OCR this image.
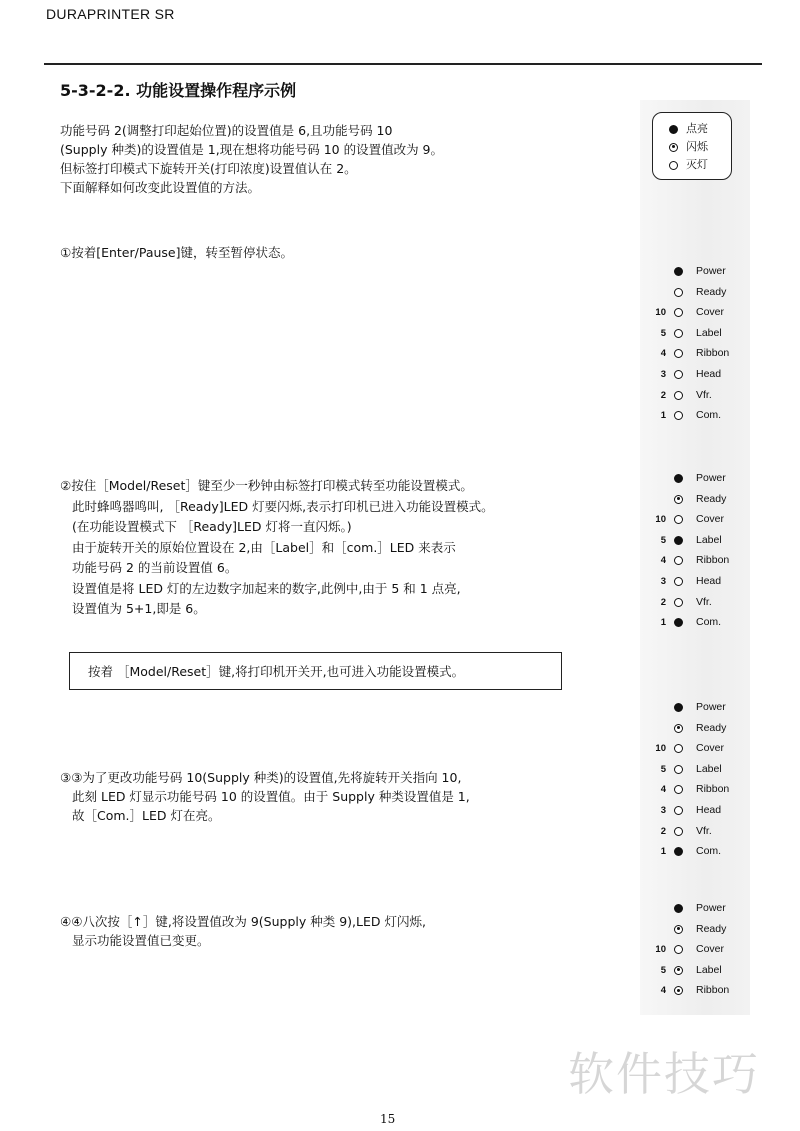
DURAPRINTER SR
5-3-2-2. 功能设置操作程序示例
功能号码 2(调整打印起始位置)的设置值是 6,且功能号码 10
(Supply 种类)的设置值是 1,现在想将功能号码 10 的设置值改为 9。
但标签打印模式下旋转开关(打印浓度)设置值认在 2。
下面解释如何改变此设置值的方法。
①按着[Enter/Pause]键，转至暂停状态。
②按住［Model/Reset］键至少一秒钟由标签打印模式转至功能设置模式。
此时蜂鸣器鸣叫, ［Ready]LED 灯要闪烁,表示打印机已进入功能设置模式。
(在功能设置模式下 ［Ready]LED 灯将一直闪烁。)
由于旋转开关的原始位置设在 2,由［Label］和［com.］LED 来表示
功能号码 2 的当前设置值 6。
设置值是将 LED 灯的左边数字加起来的数字,此例中,由于 5 和 1 点亮,
设置值为 5+1,即是 6。
按着 ［Model/Reset］键,将打印机开关开,也可进入功能设置模式。
③③为了更改功能号码 10(Supply 种类)的设置值,先将旋转开关指向 10,
此刻 LED 灯显示功能号码 10 的设置值。由于 Supply 种类设置值是 1,
故［Com.］LED 灯在亮。
④④八次按［↑］键,将设置值改为 9(Supply 种类 9),LED 灯闪烁,
显示功能设置值已变更。
点亮
闪烁
灭灯
Power
Ready
10	Cover
5	Label
4	Ribbon
3	Head
2	Vfr.
1	Com.
Power
Ready
10	Cover
5	Label
4	Ribbon
3	Head
2	Vfr.
1	Com.
Power
Ready
10	Cover
5	Label
4	Ribbon
3	Head
2	Vfr.
1	Com.
Power
Ready
10	Cover
5	Label
4	Ribbon
软件技巧
15
